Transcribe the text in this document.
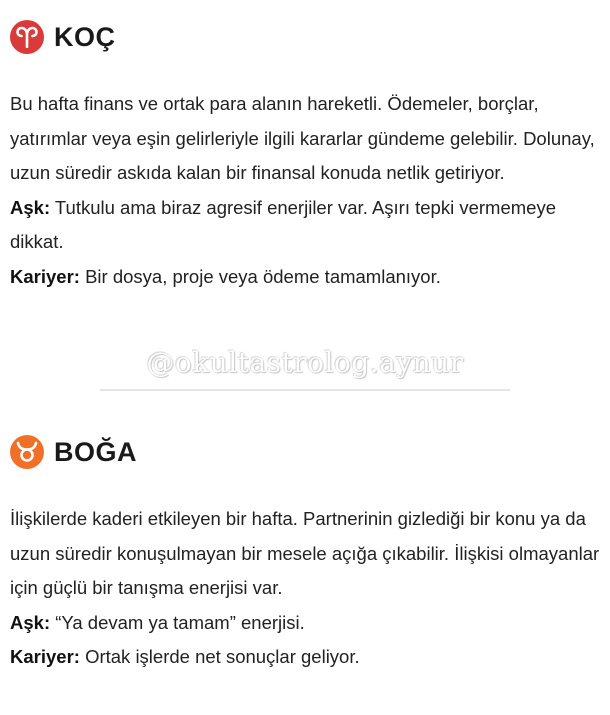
KOÇ

Bu hafta finans ve ortak para alanın hareketli. Ödemeler, borçlar, yatırımlar veya eşin gelirleriyle ilgili kararlar gündeme gelebilir. Dolunay, uzun süredir askıda kalan bir finansal konuda netlik getiriyor.

Aşk: Tutkulu ama biraz agresif enerjiler var. Aşırı tepki vermemeye dikkat.

Kariyer: Bir dosya, proje veya ödeme tamamlanıyor.

@okultastrolog.aynur
BOĞA

İlişkilerde kaderi etkileyen bir hafta. Partnerinin gizlediği bir konu ya da uzun süredir konuşulmayan bir mesele açığa çıkabilir. İlişkisi olmayanlar için güçlü bir tanışma enerjisi var.

Aşk: “Ya devam ya tamam” enerjisi.

Kariyer: Ortak işlerde net sonuçlar geliyor.
